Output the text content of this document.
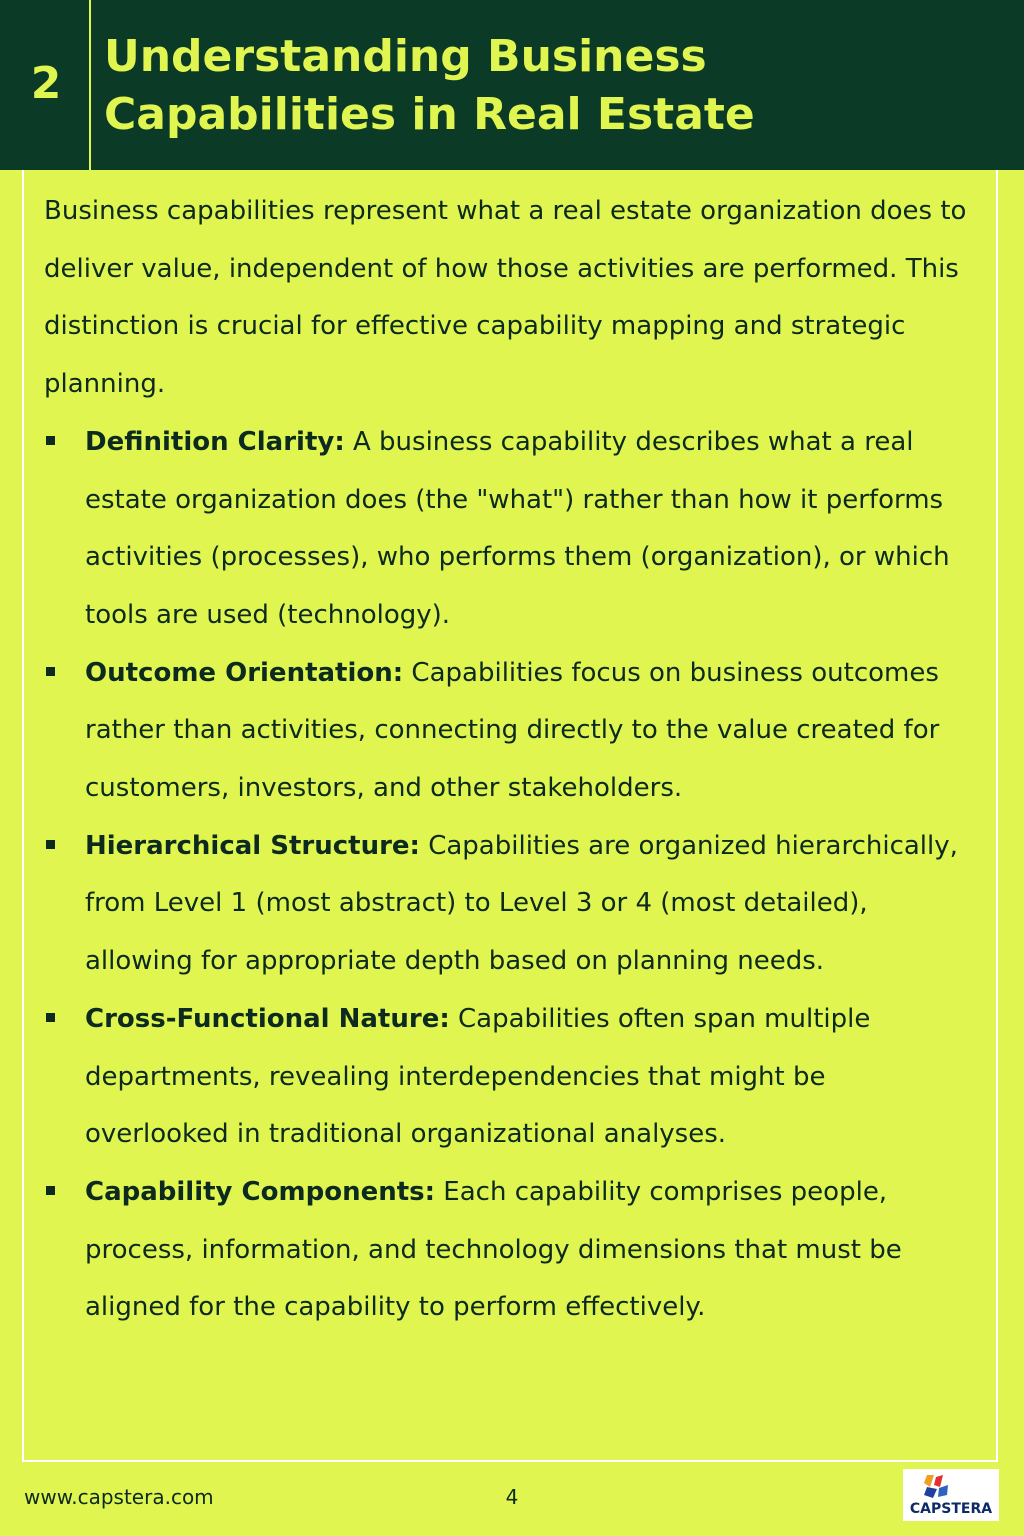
2
Understanding Business Capabilities in Real Estate

Business capabilities represent what a real estate organization does to deliver value, independent of how those activities are performed. This distinction is crucial for effective capability mapping and strategic planning.

Definition Clarity: A business capability describes what a real estate organization does (the "what") rather than how it performs activities (processes), who performs them (organization), or which tools are used (technology).
Outcome Orientation: Capabilities focus on business outcomes rather than activities, connecting directly to the value created for customers, investors, and other stakeholders.
Hierarchical Structure: Capabilities are organized hierarchically, from Level 1 (most abstract) to Level 3 or 4 (most detailed), allowing for appropriate depth based on planning needs.
Cross-Functional Nature: Capabilities often span multiple departments, revealing interdependencies that might be overlooked in traditional organizational analyses.
Capability Components: Each capability comprises people, process, information, and technology dimensions that must be aligned for the capability to perform effectively.
www.capstera.com	4	CAPSTERA
